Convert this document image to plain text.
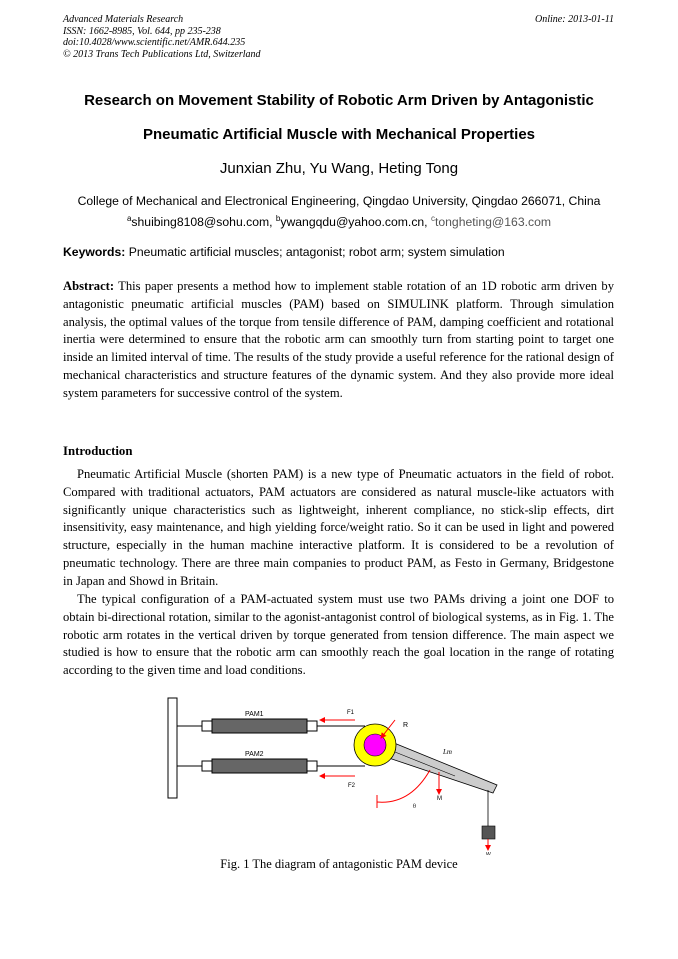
Advanced Materials Research
ISSN: 1662-8985, Vol. 644, pp 235-238
doi:10.4028/www.scientific.net/AMR.644.235
© 2013 Trans Tech Publications Ltd, Switzerland
Online: 2013-01-11
Research on Movement Stability of Robotic Arm Driven by Antagonistic
Pneumatic Artificial Muscle with Mechanical Properties
Junxian Zhu, Yu Wang, Heting Tong
College of Mechanical and Electronical Engineering, Qingdao University, Qingdao 266071, China
$^a$shuibing8108@sohu.com, $^b$ywangqdu@yahoo.com.cn, $^c$tongheting@163.com
Keywords: Pneumatic artificial muscles; antagonist; robot arm; system simulation
Abstract: This paper presents a method how to implement stable rotation of an 1D robotic arm driven by antagonistic pneumatic artificial muscles (PAM) based on SIMULINK platform. Through simulation analysis, the optimal values of the torque from tensile difference of PAM, damping coefficient and rotational inertia were determined to ensure that the robotic arm can smoothly turn from starting point to target one inside an limited interval of time. The results of the study provide a useful reference for the rational design of mechanical characteristics and structure features of the dynamic system. And they also provide more ideal system parameters for successive control of the system.
Introduction
Pneumatic Artificial Muscle (shorten PAM) is a new type of Pneumatic actuators in the field of robot. Compared with traditional actuators, PAM actuators are considered as natural muscle-like actuators with significantly unique characteristics such as lightweight, inherent compliance, no stick-slip effects, dirt insensitivity, easy maintenance, and high yielding force/weight ratio. So it can be used in light and powered structure, especially in the human machine interactive platform. It is considered to be a revolution of pneumatic technology. There are three main companies to product PAM, as Festo in Germany, Bridgestone in Japan and Showd in Britain.
The typical configuration of a PAM-actuated system must use two PAMs driving a joint one DOF to obtain bi-directional rotation, similar to the agonist-antagonist control of biological systems, as in Fig. 1. The robotic arm rotates in the vertical driven by torque generated from tension difference. The main aspect we studied is how to ensure that the robotic arm can smoothly reach the goal location in the range of rotating according to the given time and load conditions.
PAM1
PAM2
F1
F2
Lm
R
θ
M
W
Fig. 1 The diagram of antagonistic PAM device
